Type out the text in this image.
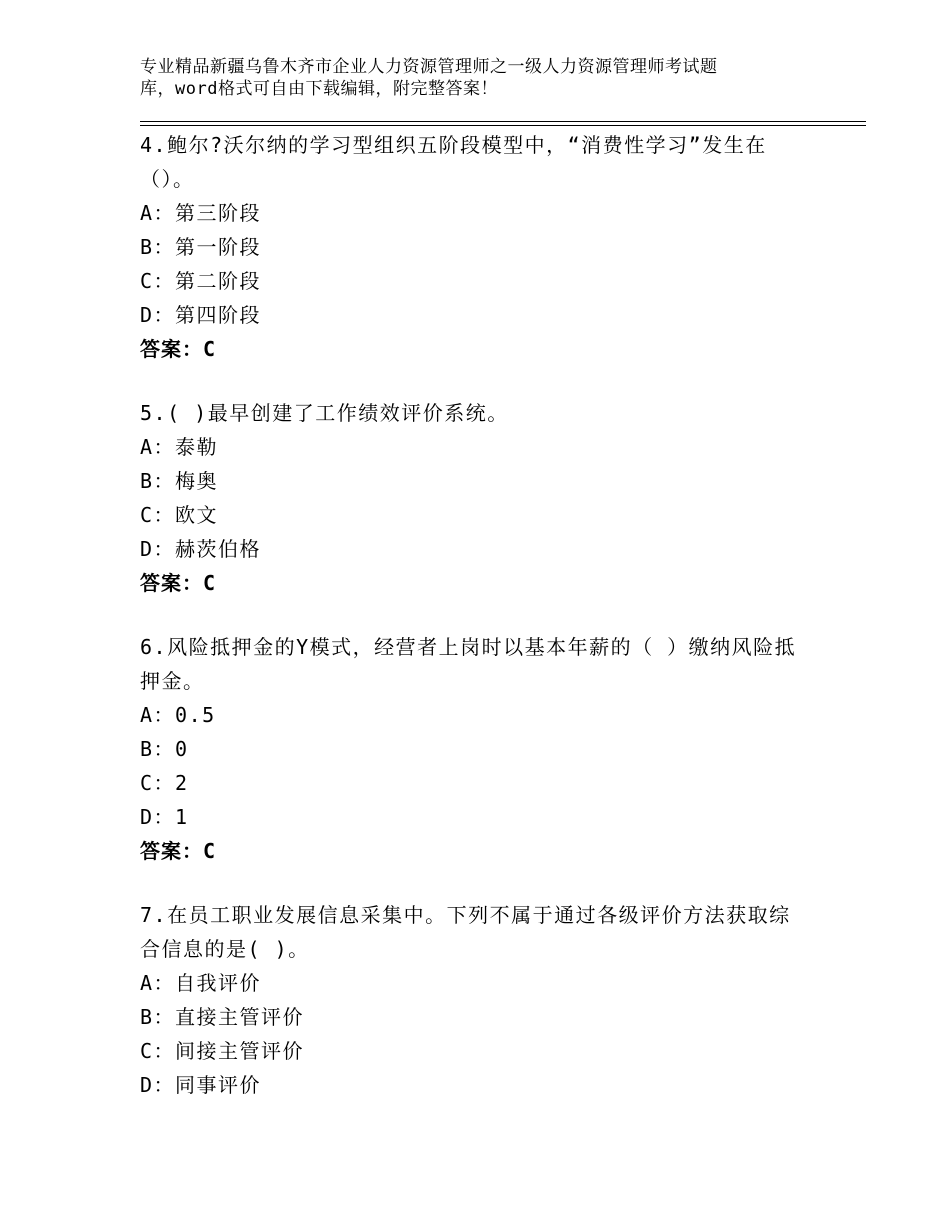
专业精品新疆乌鲁木齐市企业人力资源管理师之一级人力资源管理师考试题
库，word格式可自由下载编辑，附完整答案！

4.鲍尔?沃尔纳的学习型组织五阶段模型中，“消费性学习”发生在
（）。

A：第三阶段

B：第一阶段

C：第二阶段

D：第四阶段

答案：C

5.( )最早创建了工作绩效评价系统。

A：泰勒

B：梅奥

C：欧文

D：赫茨伯格

答案：C

6.风险抵押金的Y模式，经营者上岗时以基本年薪的（ ）缴纳风险抵
押金。

A：0.5

B：0

C：2

D：1

答案：C

7.在员工职业发展信息采集中。下列不属于通过各级评价方法获取综
合信息的是( )。

A：自我评价

B：直接主管评价

C：间接主管评价

D：同事评价
